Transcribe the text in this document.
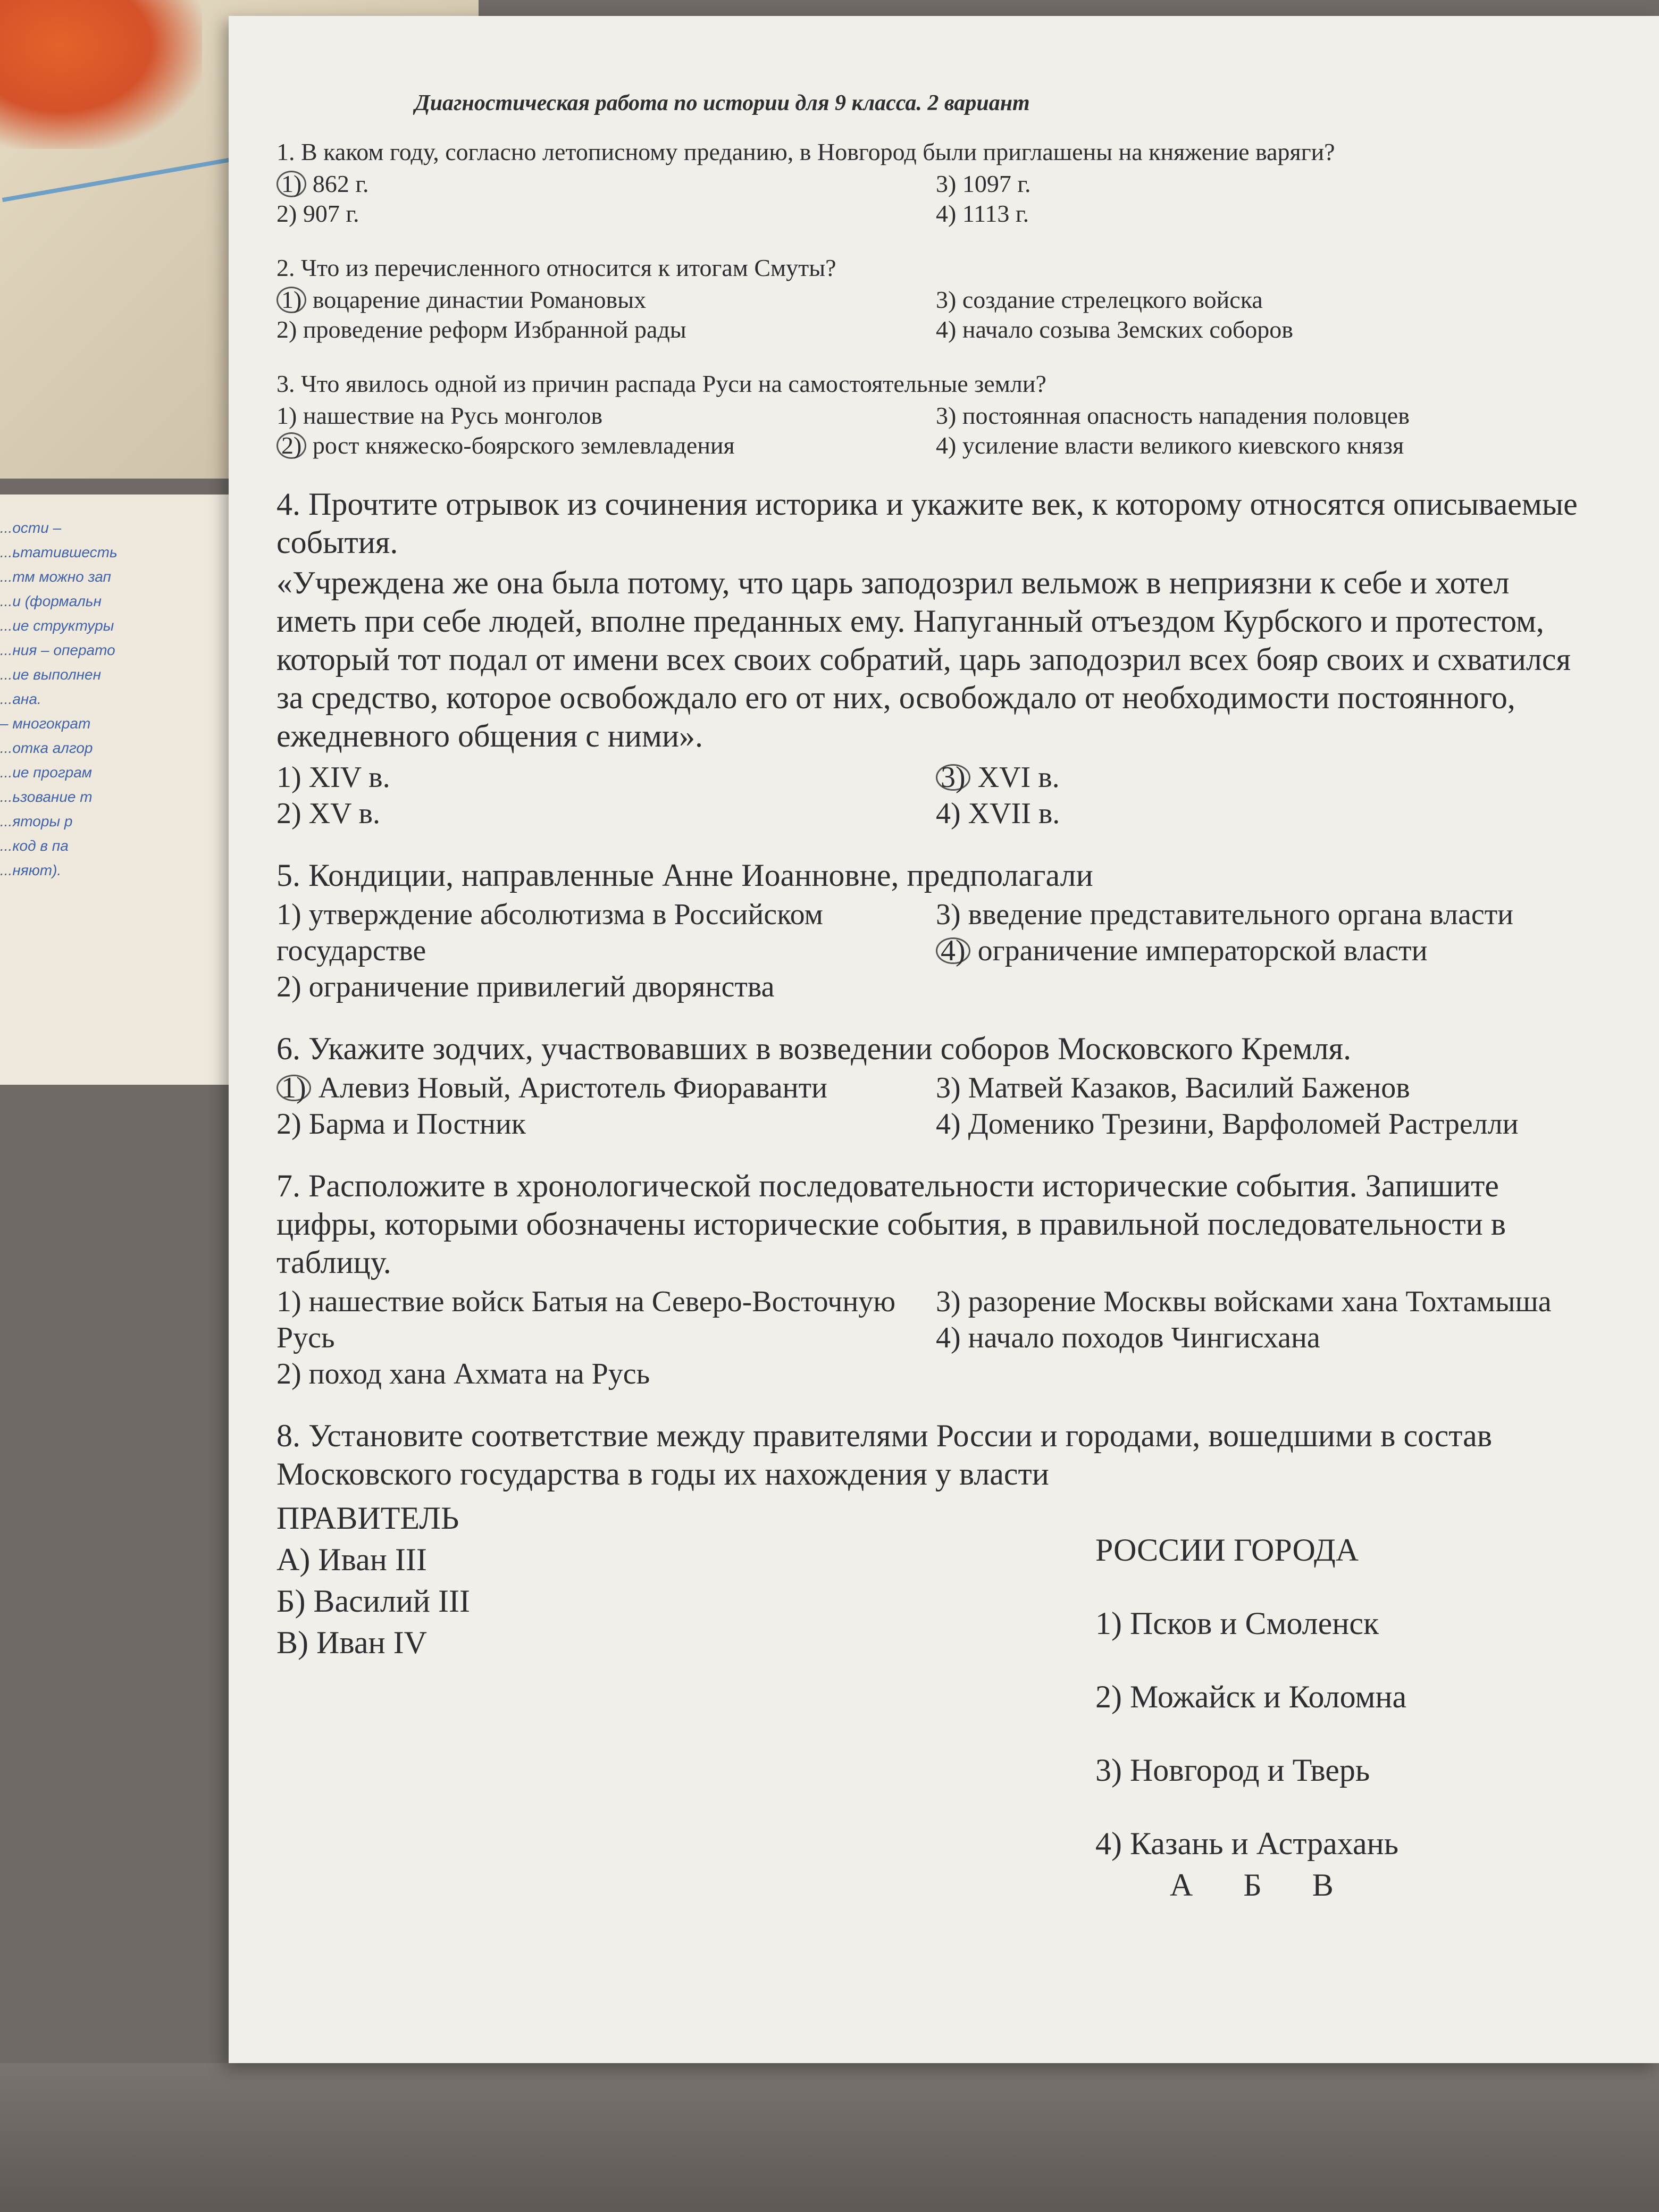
...ости –
...ьтатившесть
...тм можно зап
...и (формальн
...ие структуры
...ния – операто
...ие выполнен
...ана.
– многократ
...отка алгор
...ие програм
...ьзование т
...яторы р
...код в па
...няют).
Диагностическая работа по истории для 9 класса. 2 вариант
1. В каком году, согласно летописному преданию, в Новгород были приглашены на княжение варяги?
1) 862 г.
2) 907 г.
3) 1097 г.
4) 1113 г.
2. Что из перечисленного относится к итогам Смуты?
1) воцарение династии Романовых
2) проведение реформ Избранной рады
3) создание стрелецкого войска
4) начало созыва Земских соборов
3. Что явилось одной из причин распада Руси на самостоятельные земли?
1) нашествие на Русь монголов
2) рост княжеско-боярского землевладения
3) постоянная опасность нападения половцев
4) усиление власти великого киевского князя
4. Прочтите отрывок из сочинения историка и укажите век, к которому относятся описываемые события.
«Учреждена же она была потому, что царь заподозрил вельмож в неприязни к себе и хотел иметь при себе людей, вполне преданных ему. Напуганный отъездом Курбского и протестом, который тот подал от имени всех своих собратий, царь заподозрил всех бояр своих и схватился за средство, которое освобождало его от них, освобождало от необходимости постоянного, ежедневного общения с ними».
1) XIV в.
2) XV в.
3) XVI в.
4) XVII в.
5. Кондиции, направленные Анне Иоанновне, предполагали
1) утверждение абсолютизма в Российском государстве
2) ограничение привилегий дворянства
3) введение представительного органа власти
4) ограничение императорской власти
6. Укажите зодчих, участвовавших в возведении соборов Московского Кремля.
1) Алевиз Новый, Аристотель Фиораванти
2) Барма и Постник
3) Матвей Казаков, Василий Баженов
4) Доменико Трезини, Варфоломей Растрелли
7. Расположите в хронологической последовательности исторические события. Запишите цифры, которыми обозначены исторические события, в правильной последовательности в таблицу.
1) нашествие войск Батыя на Северо-Восточную Русь
2) поход хана Ахмата на Русь
3) разорение Москвы войсками хана Тохтамыша
4) начало походов Чингисхана
8. Установите соответствие между правителями России и городами, вошедшими в состав Московского государства в годы их нахождения у власти
ПРАВИТЕЛЬ
А) Иван III
Б) Василий III
В) Иван IV
РОССИИ ГОРОДА
1) Псков и Смоленск
2) Можайск и Коломна
3) Новгород и Тверь
4) Казань и АстраханьА Б В
